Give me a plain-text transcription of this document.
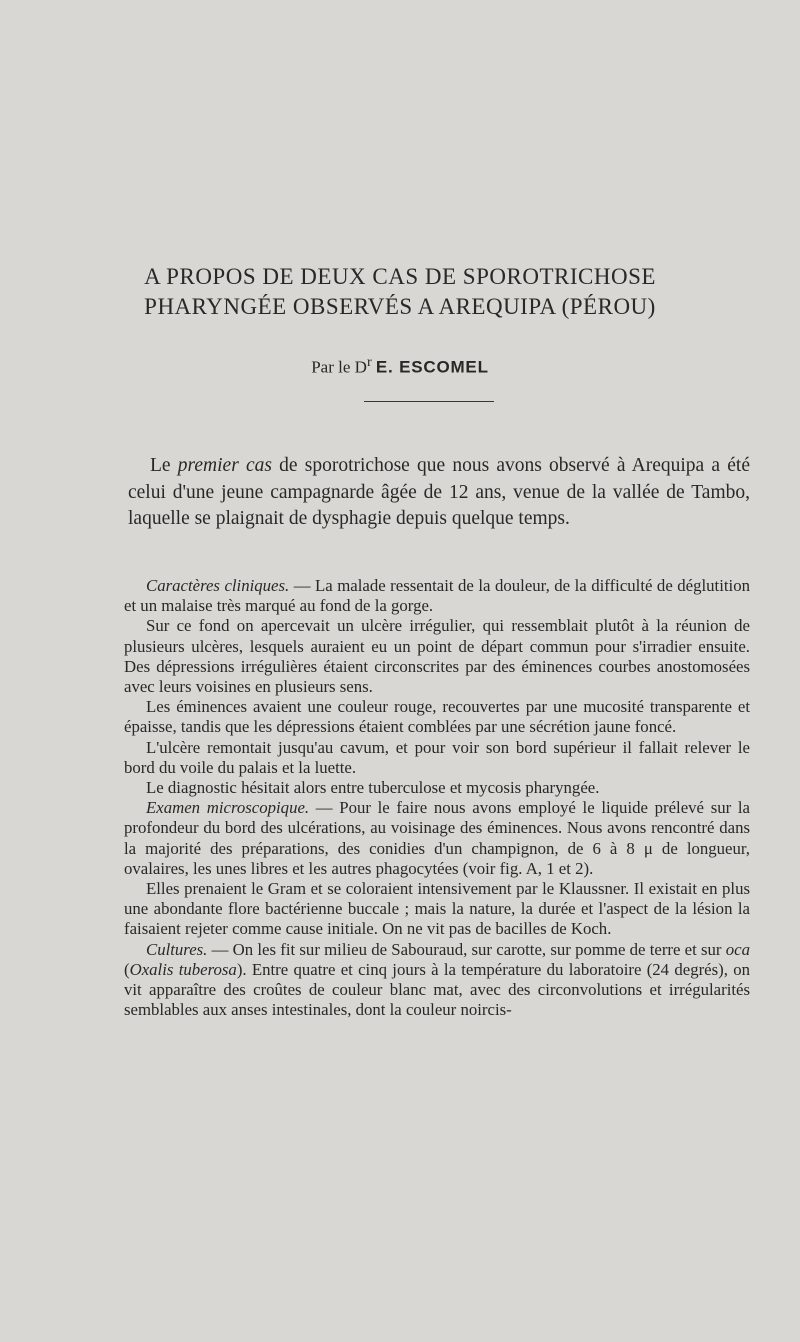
A PROPOS DE DEUX CAS DE SPOROTRICHOSE
PHARYNGÉE OBSERVÉS A AREQUIPA (PÉROU)
Par le $D^r$ E. ESCOMEL

Le premier cas de sporotrichose que nous avons observé à Arequipa a été celui d'une jeune campagnarde âgée de 12 ans, venue de la vallée de Tambo, laquelle se plaignait de dysphagie depuis quelque temps.

Caractères cliniques. — La malade ressentait de la douleur, de la difficulté de déglutition et un malaise très marqué au fond de la gorge.

Sur ce fond on apercevait un ulcère irrégulier, qui ressemblait plutôt à la réunion de plusieurs ulcères, lesquels auraient eu un point de départ commun pour s'irradier ensuite. Des dépressions irrégulières étaient circonscrites par des éminences courbes anostomosées avec leurs voisines en plusieurs sens.

Les éminences avaient une couleur rouge, recouvertes par une mucosité transparente et épaisse, tandis que les dépressions étaient comblées par une sécrétion jaune foncé.

L'ulcère remontait jusqu'au cavum, et pour voir son bord supérieur il fallait relever le bord du voile du palais et la luette.

Le diagnostic hésitait alors entre tuberculose et mycosis pharyngée.

Examen microscopique. — Pour le faire nous avons employé le liquide prélevé sur la profondeur du bord des ulcérations, au voisinage des éminences. Nous avons rencontré dans la majorité des préparations, des conidies d'un champignon, de 6 à 8 μ de longueur, ovalaires, les unes libres et les autres phagocytées (voir fig. A, 1 et 2).

Elles prenaient le Gram et se coloraient intensivement par le Klaussner. Il existait en plus une abondante flore bactérienne buccale ; mais la nature, la durée et l'aspect de la lésion la faisaient rejeter comme cause initiale. On ne vit pas de bacilles de Koch.

Cultures. — On les fit sur milieu de Sabouraud, sur carotte, sur pomme de terre et sur oca (Oxalis tuberosa). Entre quatre et cinq jours à la température du laboratoire (24 degrés), on vit apparaître des croûtes de couleur blanc mat, avec des circonvolutions et irrégularités semblables aux anses intestinales, dont la couleur noircis-
